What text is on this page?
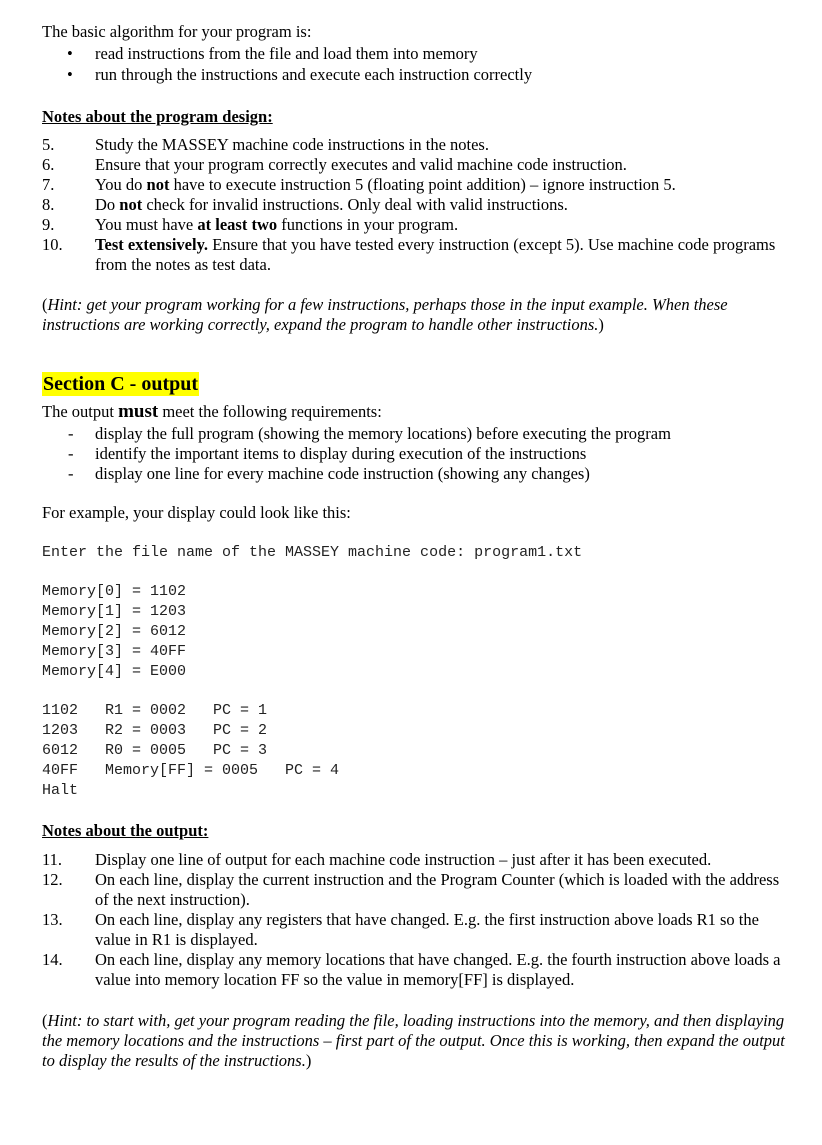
The basic algorithm for your program is:

• read instructions from the file and load them into memory
• run through the instructions and execute each instruction correctly

Notes about the program design:

5. Study the MASSEY machine code instructions in the notes.
6. Ensure that your program correctly executes and valid machine code instruction.
7. You do not have to execute instruction 5 (floating point addition) – ignore instruction 5.
8. Do not check for invalid instructions. Only deal with valid instructions.
9. You must have at least two functions in your program.
10. Test extensively. Ensure that you have tested every instruction (except 5). Use machine code programs from the notes as test data.

(Hint: get your program working for a few instructions, perhaps those in the input example. When these instructions are working correctly, expand the program to handle other instructions.)

Section C - output

The output must meet the following requirements:

- display the full program (showing the memory locations) before executing the program
- identify the important items to display during execution of the instructions
- display one line for every machine code instruction (showing any changes)

For example, your display could look like this:

Enter the file name of the MASSEY machine code: program1.txt
Memory[0] = 1102
Memory[1] = 1203
Memory[2] = 6012
Memory[3] = 40FF
Memory[4] = E000
1102   R1 = 0002   PC = 1
1203   R2 = 0003   PC = 2
6012   R0 = 0005   PC = 3
40FF   Memory[FF] = 0005   PC = 4
Halt

Notes about the output:

11. Display one line of output for each machine code instruction – just after it has been executed.
12. On each line, display the current instruction and the Program Counter (which is loaded with the address of the next instruction).
13. On each line, display any registers that have changed. E.g. the first instruction above loads R1 so the value in R1 is displayed.
14. On each line, display any memory locations that have changed. E.g. the fourth instruction above loads a value into memory location FF so the value in memory[FF] is displayed.

(Hint: to start with, get your program reading the file, loading instructions into the memory, and then displaying the memory locations and the instructions – first part of the output. Once this is working, then expand the output to display the results of the instructions.)
